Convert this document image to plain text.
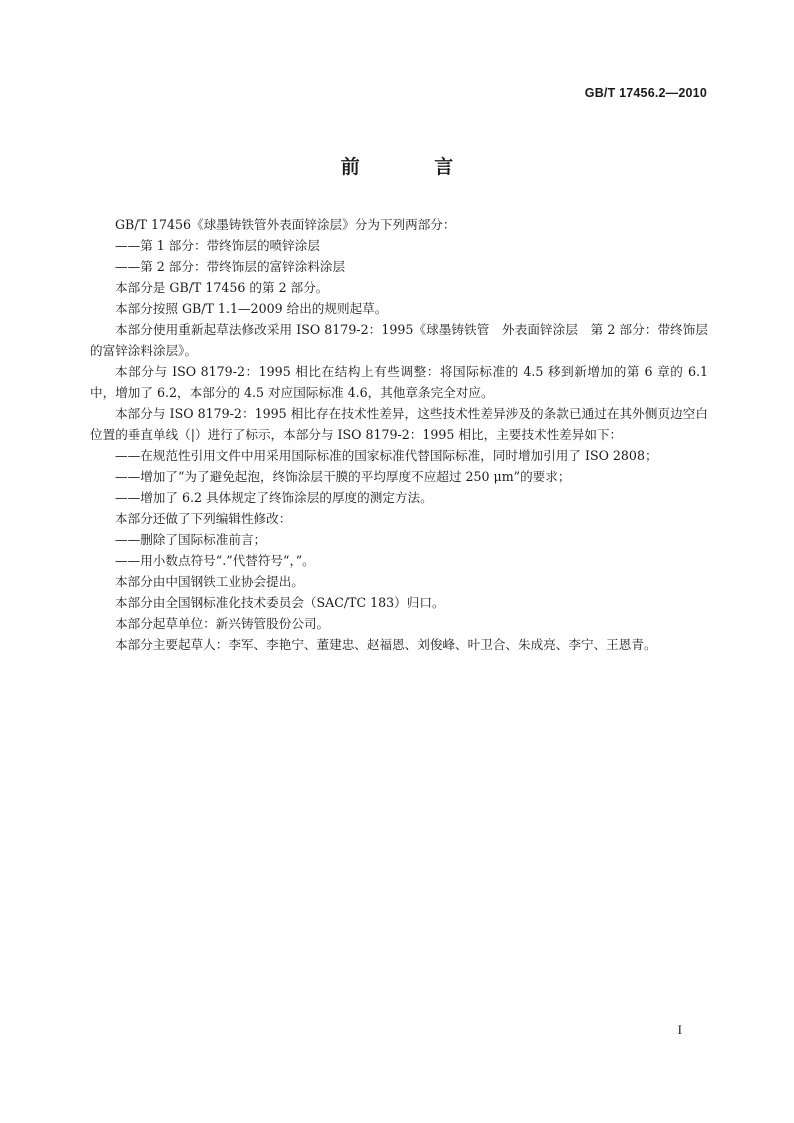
GB/T 17456.2—2010
前 言

GB/T 17456《球墨铸铁管外表面锌涂层》分为下列两部分：

——第 1 部分：带终饰层的喷锌涂层

——第 2 部分：带终饰层的富锌涂料涂层

本部分是 GB/T 17456 的第 2 部分。

本部分按照 GB/T 1.1—2009 给出的规则起草。

本部分使用重新起草法修改采用 ISO 8179-2：1995《球墨铸铁管　外表面锌涂层　第 2 部分：带终饰层的富锌涂料涂层》。

本部分与 ISO 8179-2：1995 相比在结构上有些调整：将国际标准的 4.5 移到新增加的第 6 章的 6.1 中，增加了 6.2，本部分的 4.5 对应国际标准 4.6，其他章条完全对应。

本部分与 ISO 8179-2：1995 相比存在技术性差异，这些技术性差异涉及的条款已通过在其外侧页边空白位置的垂直单线（|）进行了标示，本部分与 ISO 8179-2：1995 相比，主要技术性差异如下：

——在规范性引用文件中用采用国际标准的国家标准代替国际标准，同时增加引用了 ISO 2808；

——增加了“为了避免起泡，终饰涂层干膜的平均厚度不应超过 250 μm”的要求；

——增加了 6.2 具体规定了终饰涂层的厚度的测定方法。

本部分还做了下列编辑性修改：

——删除了国际标准前言；

——用小数点符号“.”代替符号“，”。

本部分由中国钢铁工业协会提出。

本部分由全国钢标准化技术委员会（SAC/TC 183）归口。

本部分起草单位：新兴铸管股份公司。

本部分主要起草人：李军、李艳宁、董建忠、赵福恩、刘俊峰、叶卫合、朱成亮、李宁、王恩青。

I
